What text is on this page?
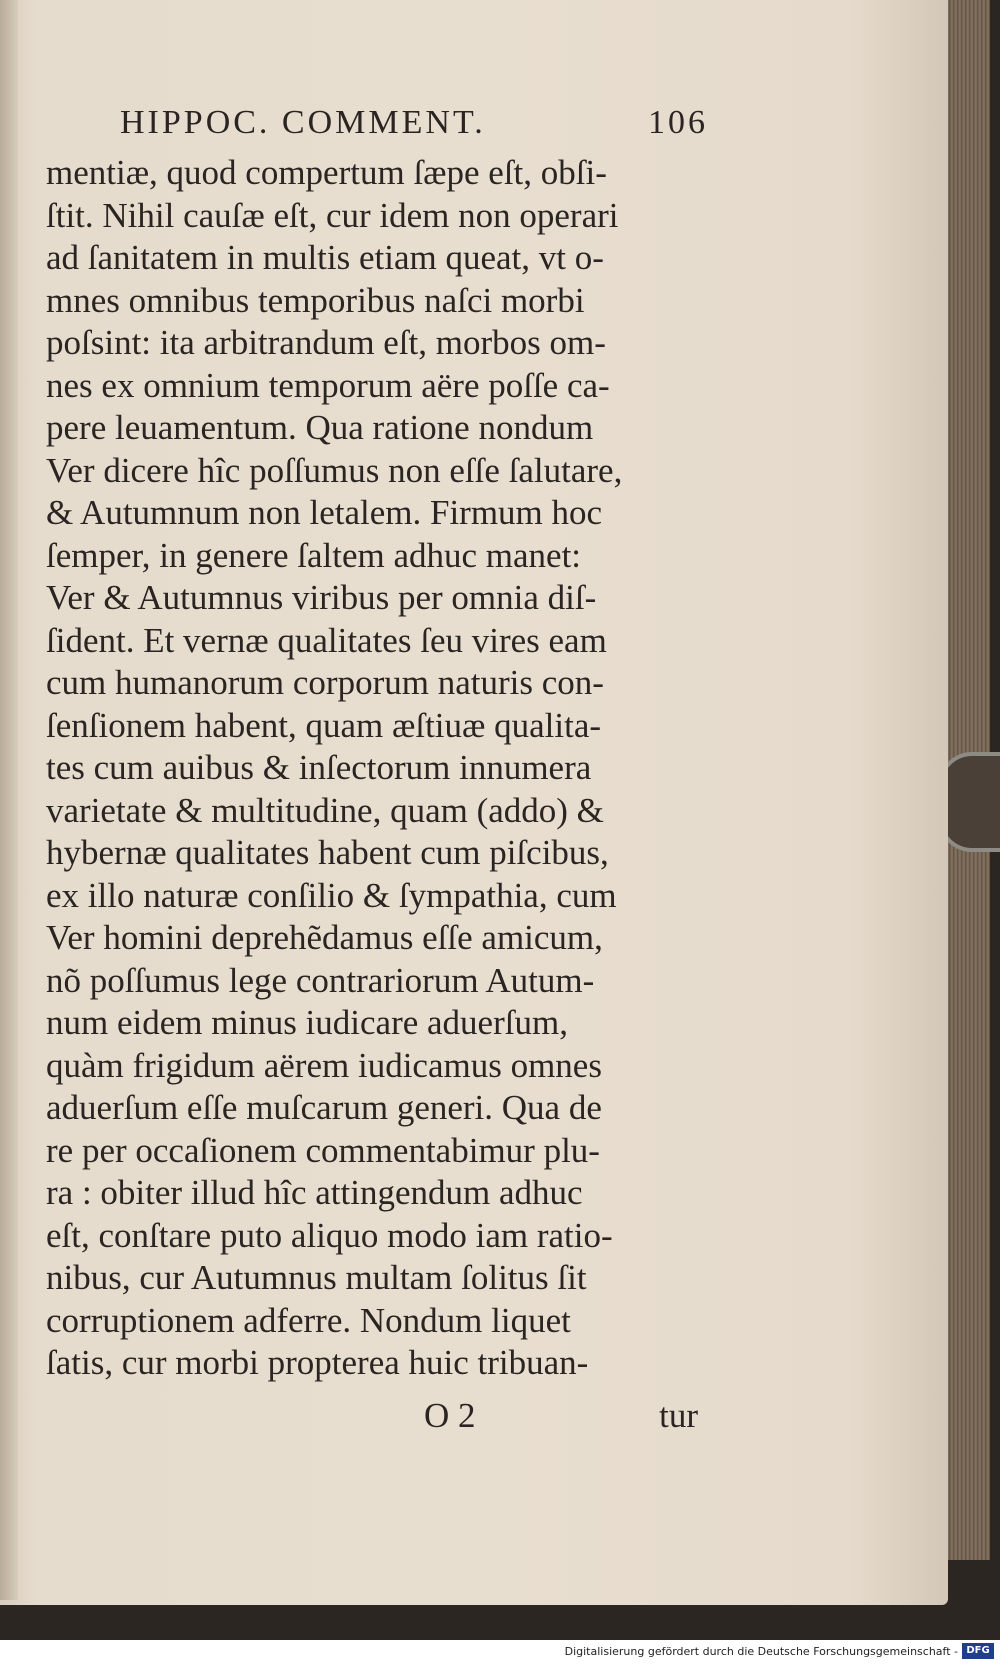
HIPPOC. COMMENT.	106
mentiæ, quod compertum ſæpe eſt, obſi-
ſtit. Nihil cauſæ eſt, cur idem non operari
ad ſanitatem in multis etiam queat, vt o-
mnes omnibus temporibus naſci morbi
poſsint: ita arbitrandum eſt, morbos om-
nes ex omnium temporum aëre poſſe ca-
pere leuamentum. Qua ratione nondum
Ver dicere hîc poſſumus non eſſe ſalutare,
& Autumnum non letalem. Firmum hoc
ſemper, in genere ſaltem adhuc manet:
Ver & Autumnus viribus per omnia diſ-
ſident. Et vernæ qualitates ſeu vires eam
cum humanorum corporum naturis con-
ſenſionem habent, quam æſtiuæ qualita-
tes cum auibus & inſectorum innumera
varietate & multitudine, quam (addo) &
hybernæ qualitates habent cum piſcibus,
ex illo naturæ conſilio & ſympathia, cum
Ver homini deprehẽdamus eſſe amicum,
nõ poſſumus lege contrariorum Autum-
num eidem minus iudicare aduerſum,
quàm frigidum aërem iudicamus omnes
aduerſum eſſe muſcarum generi. Qua de
re per occaſionem commentabimur plu-
ra : obiter illud hîc attingendum adhuc
eſt, conſtare puto aliquo modo iam ratio-
nibus, cur Autumnus multam ſolitus ſit
corruptionem adferre. Nondum liquet
ſatis, cur morbi propterea huic tribuan-
O 2	tur
Digitalisierung gefördert durch die Deutsche Forschungsgemeinschaft - DFG
